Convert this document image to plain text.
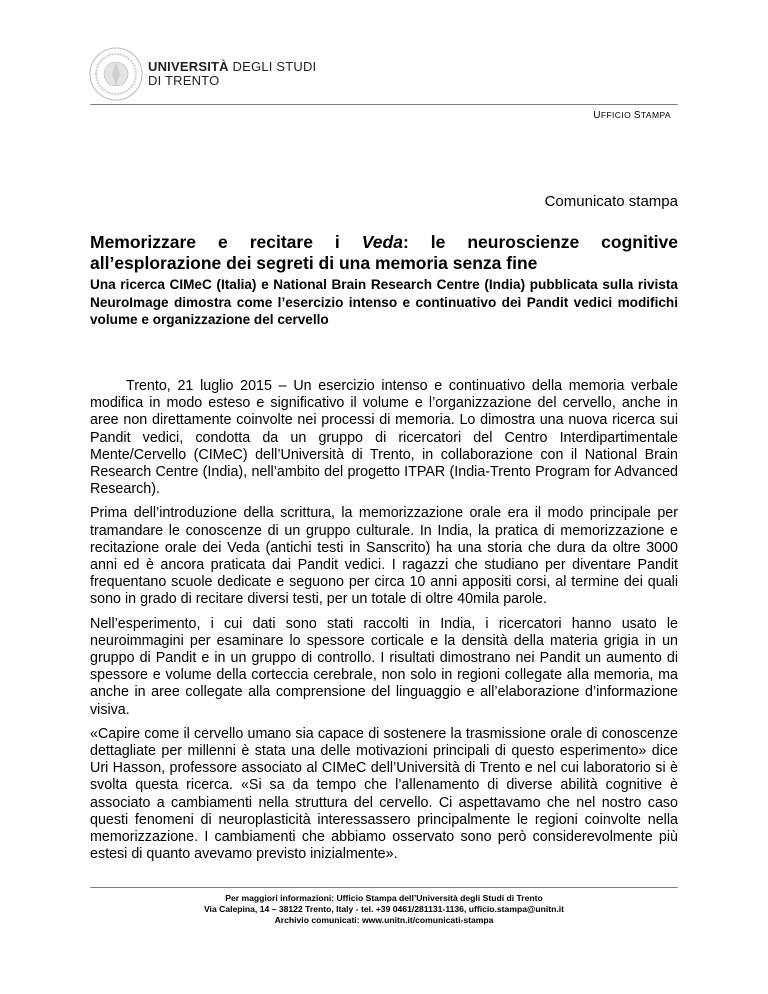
UNIVERSITÀ DEGLI STUDI
DI TRENTO
UFFICIO STAMPA
Comunicato stampa
Memorizzare e recitare i Veda: le neuroscienze cognitive all’esplorazione dei segreti di una memoria senza fine
Una ricerca CIMeC (Italia) e National Brain Research Centre (India) pubblicata sulla rivista NeuroImage dimostra come l’esercizio intenso e continuativo dei Pandit vedici modifichi volume e organizzazione del cervello

Trento, 21 luglio 2015 – Un esercizio intenso e continuativo della memoria verbale modifica in modo esteso e significativo il volume e l’organizzazione del cervello, anche in aree non direttamente coinvolte nei processi di memoria. Lo dimostra una nuova ricerca sui Pandit vedici, condotta da un gruppo di ricercatori del Centro Interdipartimentale Mente/Cervello (CIMeC) dell’Università di Trento, in collaborazione con il National Brain Research Centre (India), nell’ambito del progetto ITPAR (India-Trento Program for Advanced Research).

Prima dell’introduzione della scrittura, la memorizzazione orale era il modo principale per tramandare le conoscenze di un gruppo culturale. In India, la pratica di memorizzazione e recitazione orale dei Veda (antichi testi in Sanscrito) ha una storia che dura da oltre 3000 anni ed è ancora praticata dai Pandit vedici. I ragazzi che studiano per diventare Pandit frequentano scuole dedicate e seguono per circa 10 anni appositi corsi, al termine dei quali sono in grado di recitare diversi testi, per un totale di oltre 40mila parole.

Nell’esperimento, i cui dati sono stati raccolti in India, i ricercatori hanno usato le neuroimmagini per esaminare lo spessore corticale e la densità della materia grigia in un gruppo di Pandit e in un gruppo di controllo. I risultati dimostrano nei Pandit un aumento di spessore e volume della corteccia cerebrale, non solo in regioni collegate alla memoria, ma anche in aree collegate alla comprensione del linguaggio e all’elaborazione d’informazione visiva.

«Capire come il cervello umano sia capace di sostenere la trasmissione orale di conoscenze dettagliate per millenni è stata una delle motivazioni principali di questo esperimento» dice Uri Hasson, professore associato al CIMeC dell’Università di Trento e nel cui laboratorio si è svolta questa ricerca. «Si sa da tempo che l’allenamento di diverse abilità cognitive è associato a cambiamenti nella struttura del cervello. Ci aspettavamo che nel nostro caso questi fenomeni di neuroplasticità interessassero principalmente le regioni coinvolte nella memorizzazione. I cambiamenti che abbiamo osservato sono però considerevolmente più estesi di quanto avevamo previsto inizialmente».

Per maggiori informazioni: Ufficio Stampa dell’Università degli Studi di Trento
Via Calepina, 14 – 38122 Trento, Italy - tel. +39 0461/281131-1136, ufficio.stampa@unitn.it
Archivio comunicati: www.unitn.it/comunicati-stampa
